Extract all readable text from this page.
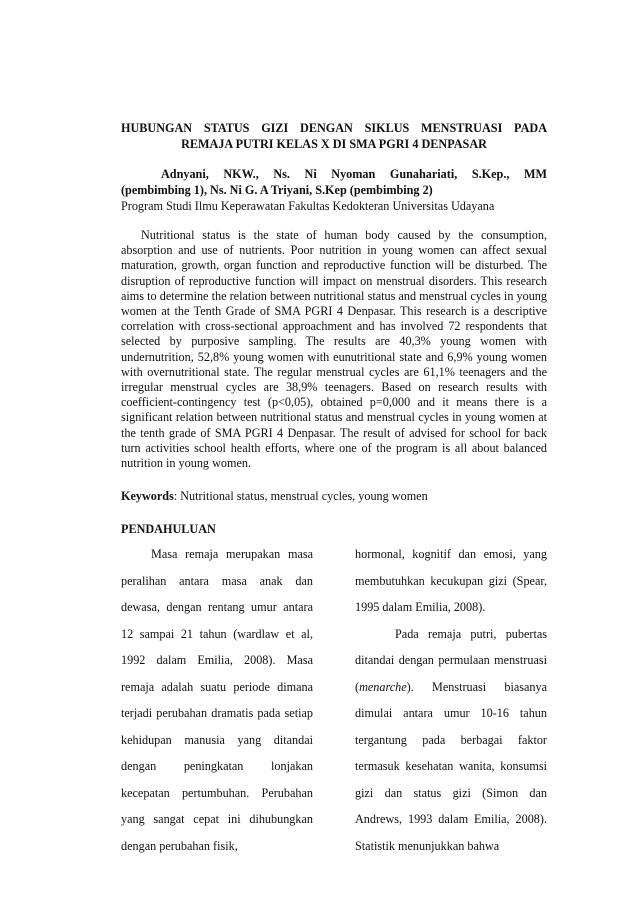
HUBUNGAN STATUS GIZI DENGAN SIKLUS MENSTRUASI PADA
REMAJA PUTRI KELAS X DI SMA PGRI 4 DENPASAR
Adnyani, NKW., Ns. Ni Nyoman Gunahariati, S.Kep., MM
(pembimbing 1), Ns. Ni G. A Triyani, S.Kep (pembimbing 2)
Program Studi Ilmu Keperawatan Fakultas Kedokteran Universitas Udayana

Nutritional status is the state of human body caused by the consumption, absorption and use of nutrients. Poor nutrition in young women can affect sexual maturation, growth, organ function and reproductive function will be disturbed. The disruption of reproductive function will impact on menstrual disorders. This research aims to determine the relation between nutritional status and menstrual cycles in young women at the Tenth Grade of SMA PGRI 4 Denpasar. This research is a descriptive correlation with cross-sectional approachment and has involved 72 respondents that selected by purposive sampling. The results are 40,3% young women with undernutrition, 52,8% young women with eunutritional state and 6,9% young women with overnutritional state. The regular menstrual cycles are 61,1% teenagers and the irregular menstrual cycles are 38,9% teenagers. Based on research results with coefficient-contingency test (p<0,05), obtained p=0,000 and it means there is a significant relation between nutritional status and menstrual cycles in young women at the tenth grade of SMA PGRI 4 Denpasar. The result of advised for school for back turn activities school health efforts, where one of the program is all about balanced nutrition in young women.

Keywords: Nutritional status, menstrual cycles, young women
PENDAHULUAN

Masa remaja merupakan masa peralihan antara masa anak dan dewasa, dengan rentang umur antara 12 sampai 21 tahun (wardlaw et al, 1992 dalam Emilia, 2008). Masa remaja adalah suatu periode dimana terjadi perubahan dramatis pada setiap kehidupan manusia yang ditandai dengan peningkatan lonjakan kecepatan pertumbuhan. Perubahan yang sangat cepat ini dihubungkan dengan perubahan fisik,

hormonal, kognitif dan emosi, yang membutuhkan kecukupan gizi (Spear, 1995 dalam Emilia, 2008).

Pada remaja putri, pubertas ditandai dengan permulaan menstruasi (menarche). Menstruasi biasanya dimulai antara umur 10-16 tahun tergantung pada berbagai faktor termasuk kesehatan wanita, konsumsi gizi dan status gizi (Simon dan Andrews, 1993 dalam Emilia, 2008). Statistik menunjukkan bahwa
